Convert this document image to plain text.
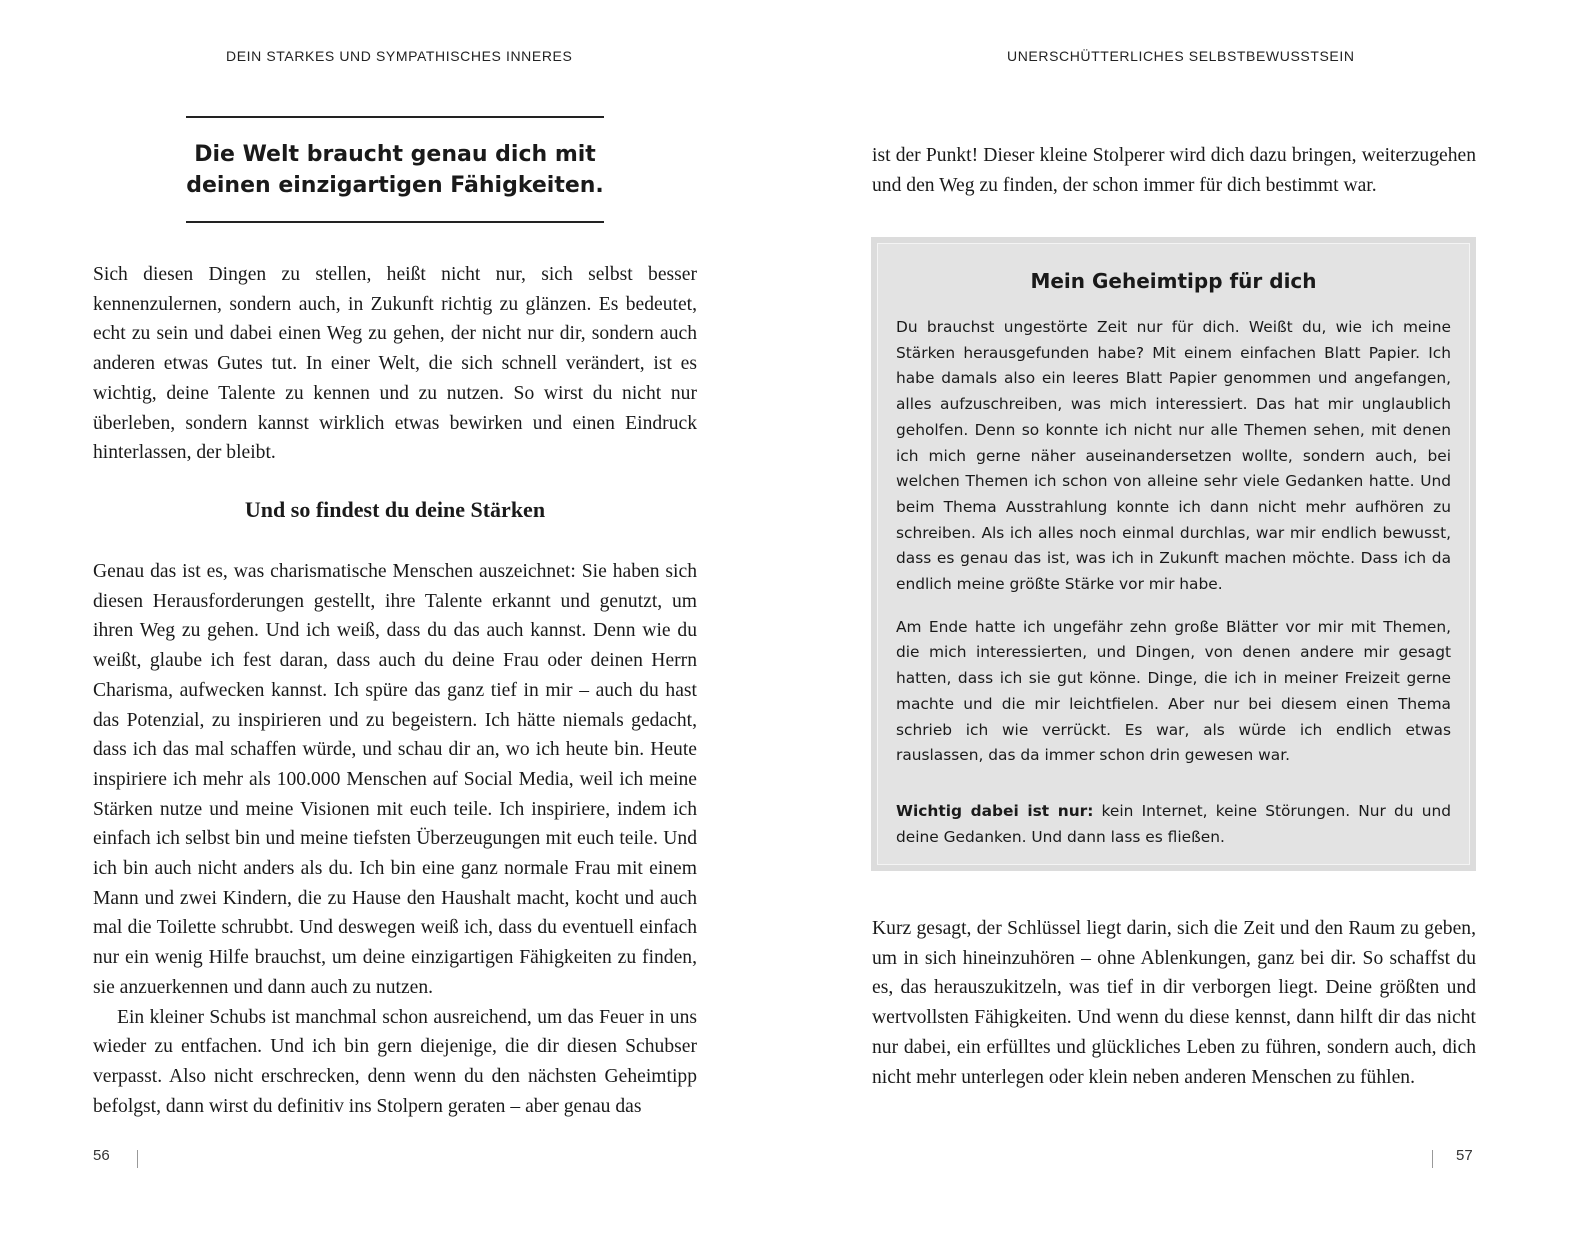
DEIN STARKES UND SYMPATHISCHES INNERES	UNERSCHÜTTERLICHES SELBSTBEWUSSTSEIN
Die Welt braucht genau dich mit deinen einzigartigen Fähigkeiten.

Sich diesen Dingen zu stellen, heißt nicht nur, sich selbst besser kennenzulernen, sondern auch, in Zukunft richtig zu glänzen. Es bedeutet, echt zu sein und dabei einen Weg zu gehen, der nicht nur dir, sondern auch anderen etwas Gutes tut. In einer Welt, die sich schnell verändert, ist es wichtig, deine Talente zu kennen und zu nutzen. So wirst du nicht nur überleben, sondern kannst wirklich etwas bewirken und einen Eindruck hinterlassen, der bleibt.

Und so findest du deine Stärken

Genau das ist es, was charismatische Menschen auszeichnet: Sie haben sich diesen Herausforderungen gestellt, ihre Talente erkannt und genutzt, um ihren Weg zu gehen. Und ich weiß, dass du das auch kannst. Denn wie du weißt, glaube ich fest daran, dass auch du deine Frau oder deinen Herrn Charisma, aufwecken kannst. Ich spüre das ganz tief in mir – auch du hast das Potenzial, zu inspirieren und zu begeistern. Ich hätte niemals gedacht, dass ich das mal schaffen würde, und schau dir an, wo ich heute bin. Heute inspiriere ich mehr als 100.000 Menschen auf Social Media, weil ich meine Stärken nutze und meine Visionen mit euch teile. Ich inspiriere, indem ich einfach ich selbst bin und meine tiefsten Überzeugungen mit euch teile. Und ich bin auch nicht anders als du. Ich bin eine ganz normale Frau mit einem Mann und zwei Kindern, die zu Hause den Haushalt macht, kocht und auch mal die Toilette schrubbt. Und deswegen weiß ich, dass du eventuell einfach nur ein wenig Hilfe brauchst, um deine einzigartigen Fähigkeiten zu finden, sie anzuerkennen und dann auch zu nutzen.

Ein kleiner Schubs ist manchmal schon ausreichend, um das Feuer in uns wieder zu entfachen. Und ich bin gern diejenige, die dir diesen Schubser verpasst. Also nicht erschrecken, denn wenn du den nächsten Geheimtipp befolgst, dann wirst du definitiv ins Stolpern geraten – aber genau das

56

ist der Punkt! Dieser kleine Stolperer wird dich dazu bringen, weiterzugehen und den Weg zu finden, der schon immer für dich bestimmt war.

Mein Geheimtipp für dich

Du brauchst ungestörte Zeit nur für dich. Weißt du, wie ich meine Stärken herausgefunden habe? Mit einem einfachen Blatt Papier. Ich habe damals also ein leeres Blatt Papier genommen und angefangen, alles aufzuschreiben, was mich interessiert. Das hat mir unglaublich geholfen. Denn so konnte ich nicht nur alle Themen sehen, mit denen ich mich gerne näher auseinandersetzen wollte, sondern auch, bei welchen Themen ich schon von alleine sehr viele Gedanken hatte. Und beim Thema Ausstrahlung konnte ich dann nicht mehr aufhören zu schreiben. Als ich alles noch einmal durchlas, war mir endlich bewusst, dass es genau das ist, was ich in Zukunft machen möchte. Dass ich da endlich meine größte Stärke vor mir habe.

Am Ende hatte ich ungefähr zehn große Blätter vor mir mit Themen, die mich interessierten, und Dingen, von denen andere mir gesagt hatten, dass ich sie gut könne. Dinge, die ich in meiner Freizeit gerne machte und die mir leichtfielen. Aber nur bei diesem einen Thema schrieb ich wie verrückt. Es war, als würde ich endlich etwas rauslassen, das da immer schon drin gewesen war.

Wichtig dabei ist nur: kein Internet, keine Störungen. Nur du und deine Gedanken. Und dann lass es fließen.

Kurz gesagt, der Schlüssel liegt darin, sich die Zeit und den Raum zu geben, um in sich hineinzuhören – ohne Ablenkungen, ganz bei dir. So schaffst du es, das herauszukitzeln, was tief in dir verborgen liegt. Deine größten und wertvollsten Fähigkeiten. Und wenn du diese kennst, dann hilft dir das nicht nur dabei, ein erfülltes und glückliches Leben zu führen, sondern auch, dich nicht mehr unterlegen oder klein neben anderen Menschen zu fühlen.

57
